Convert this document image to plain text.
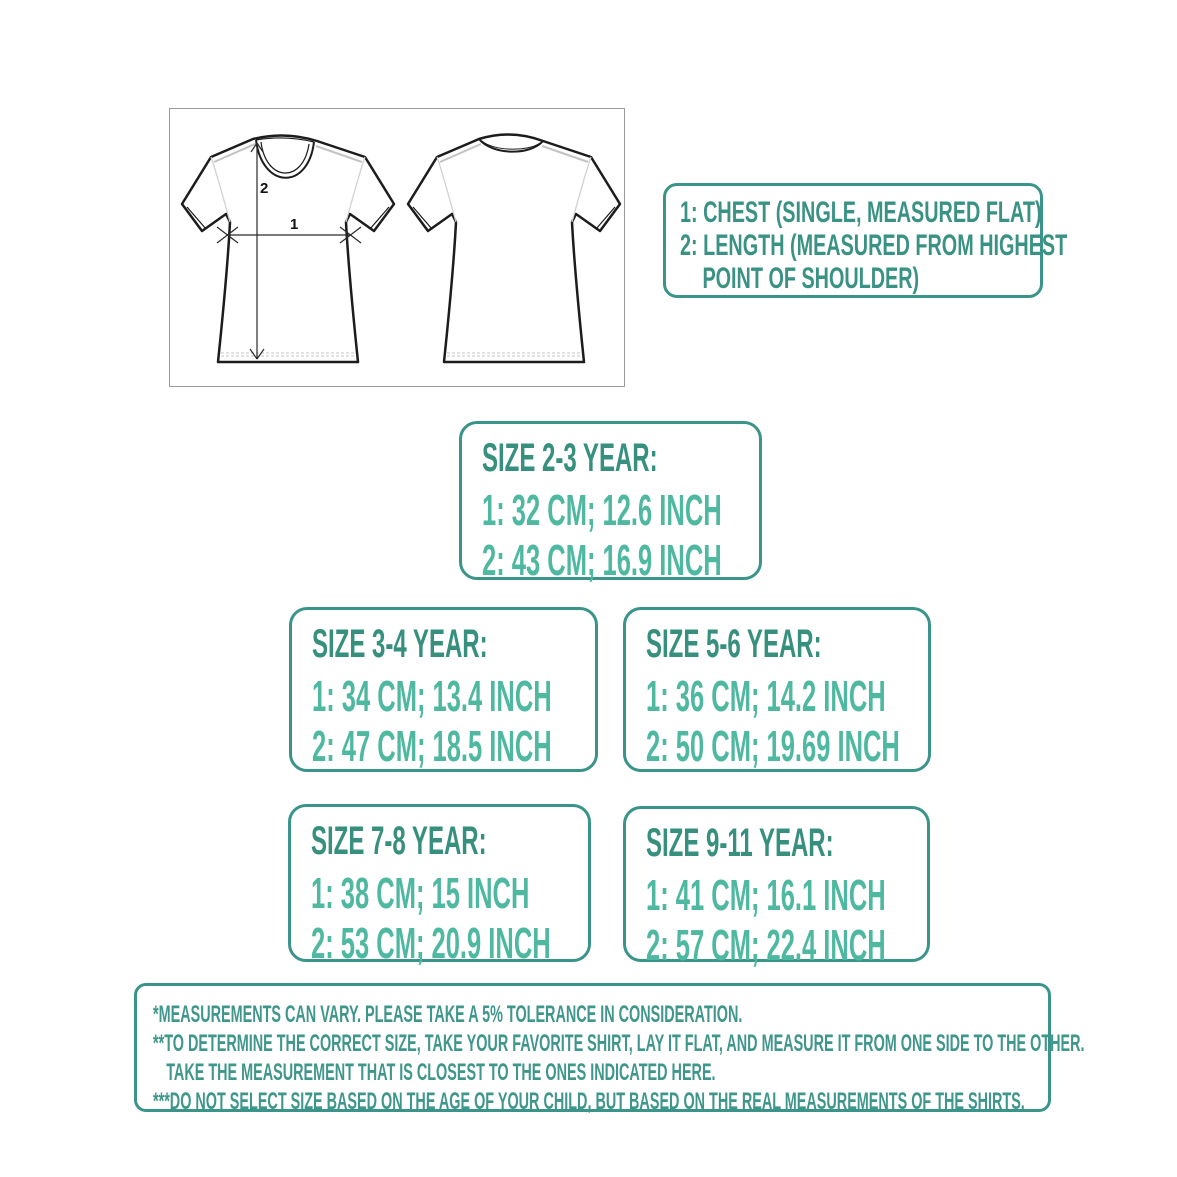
1
2
1: CHEST (SINGLE, MEASURED FLAT)
2: LENGTH (MEASURED FROM HIGHEST
POINT OF SHOULDER)
SIZE 2-3 YEAR:
1: 32 CM; 12.6 INCH
2: 43 CM; 16.9 INCH
SIZE 3-4 YEAR:
1: 34 CM; 13.4 INCH
2: 47 CM; 18.5 INCH
SIZE 5-6 YEAR:
1: 36 CM; 14.2 INCH
2: 50 CM; 19.69 INCH
SIZE 7-8 YEAR:
1: 38 CM; 15 INCH
2: 53 CM; 20.9 INCH
SIZE 9-11 YEAR:
1: 41 CM; 16.1 INCH
2: 57 CM; 22.4 INCH
*MEASUREMENTS CAN VARY. PLEASE TAKE A 5% TOLERANCE IN CONSIDERATION.
**TO DETERMINE THE CORRECT SIZE, TAKE YOUR FAVORITE SHIRT, LAY IT FLAT, AND MEASURE IT FROM ONE SIDE TO THE OTHER.
TAKE THE MEASUREMENT THAT IS CLOSEST TO THE ONES INDICATED HERE.
***DO NOT SELECT SIZE BASED ON THE AGE OF YOUR CHILD, BUT BASED ON THE REAL MEASUREMENTS OF THE SHIRTS.
